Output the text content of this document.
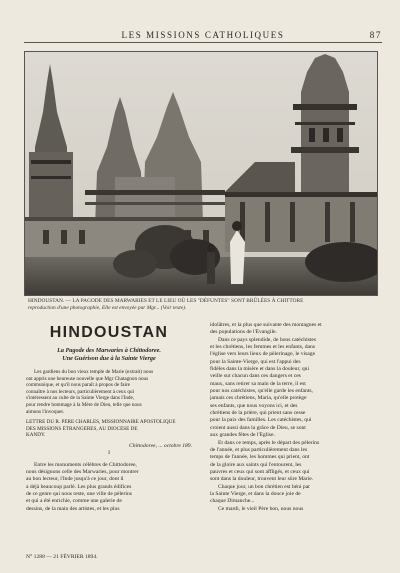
LES MISSIONS CATHOLIQUES	87
HINDOUSTAN. — LA PAGODE DES MARWARIES ET LE LIEU OÙ LES "DÉFUNTES" SONT BRÛLÉES À CHITTORE
reproduction d'une photographie, Elle est envoyée par Mgr... (Voir texte).
HINDOUSTAN
La Pagode des Marwaries à Chittodoree.
Une Guérison due à la Sainte Vierge
Les gardiens du bon vieux temple de Marie (extrait) nous
ont appris une heureuse nouvelle que Mgr Chatagnon nous
communique, et qu'il nous paraît à propos de faire
connaître à nos lecteurs, particulièrement à ceux qui
s'intéressent au culte de la Sainte Vierge dans l'Inde,
pour rendre hommage à la Mère de Dieu, telle que nous
aimons l'invoquer.
LETTRE DU R. PÈRE CHARLES, MISSIONNAIRE APOSTOLIQUE
DES MISSIONS ÉTRANGÈRES, AU DIOCÈSE DE
KANDY.
Chittodoree, ... octobre 189.
I
Entre les monuments célèbres de Chittodoree,
nous désignons celle des Marwaries, pour montrer
au bon lecteur, l'Inde jusqu'à ce jour, dont il
a déjà beaucoup parlé. Les plus grands édifices
de ce genre qui nous reste, une ville de pèlerins
et qui a été enrichie, comme une galerie de
dessins, de la main des artistes, et les plus
idolâtres, et la plus que suivante des montagnes et
des populations de l'Évangile.
Dans ce pays splendide, de bons catéchistes
et les chrétiens, les femmes et les enfants, dans
l'église vers leurs lieux de pèlerinage, le visage
pour la Sainte-Vierge, qui est l'appui des
fidèles dans la misère et dans la douleur, qui
veille sur chacun dans ces dangers et ces
maux, sans retirer sa main de la terre, il est
pour nos catéchistes, qu'elle garde les enfants,
jamais ces chrétiens, Maria, qu'elle protège
ses enfants, que nous voyons ici, et des
chrétiens de la prière, qui prient sans cesse
pour la paix des familles. Les catéchistes, qui
croient aussi dans la grâce de Dieu, se sont
aux grandes fêtes de l'Église.
Et dans ce temps, après le départ des pèlerins
de l'année, et plus particulièrement dans les
temps de l'année, les hommes qui prient, ont
de la gloire aux saints qui l'entourent, les
pauvres et ceux qui sont affligés, et ceux qui
sont dans la douleur, trouvent leur sûre Marie.
Chaque jour, un bon chrétien est béni par
la Sainte Vierge, et dans la douce joie de
chaque Dimanche...
Ce mardi, le vieil Père bon, nous nous
N° 1288 — 21 FÉVRIER 1894.
